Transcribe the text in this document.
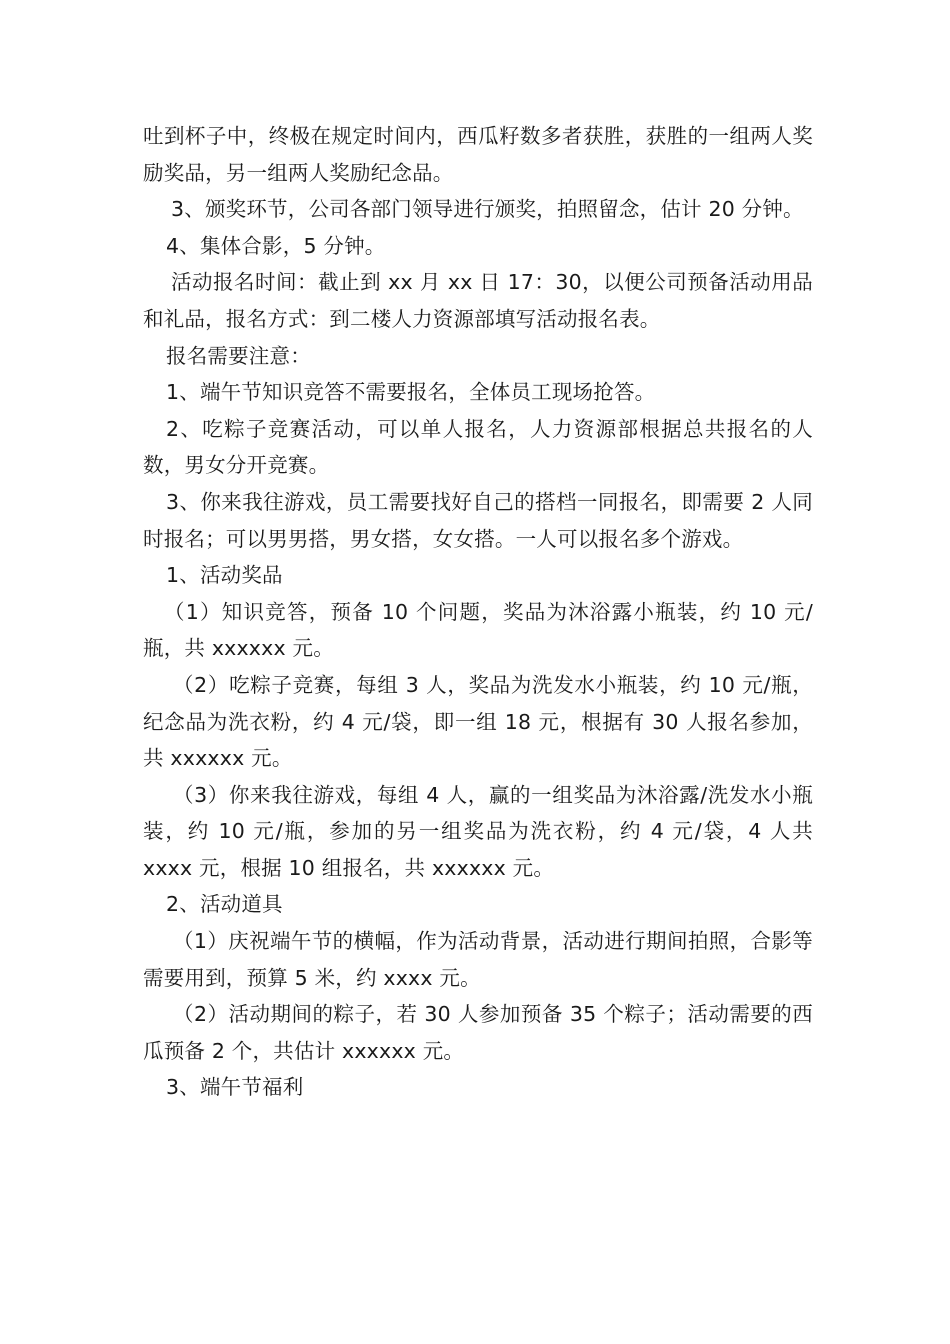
吐到杯子中，终极在规定时间内，西瓜籽数多者获胜，获胜的一组两人奖励奖品，另一组两人奖励纪念品。

3、颁奖环节，公司各部门领导进行颁奖，拍照留念，估计 20 分钟。

4、集体合影，5 分钟。

活动报名时间：截止到 xx 月 xx 日 17：30，以便公司预备活动用品和礼品，报名方式：到二楼人力资源部填写活动报名表。

报名需要注意：

1、端午节知识竞答不需要报名，全体员工现场抢答。

2、吃粽子竞赛活动，可以单人报名，人力资源部根据总共报名的人数，男女分开竞赛。

3、你来我往游戏，员工需要找好自己的搭档一同报名，即需要 2 人同时报名；可以男男搭，男女搭，女女搭。一人可以报名多个游戏。

1、活动奖品

（1）知识竞答，预备 10 个问题，奖品为沐浴露小瓶装，约 10 元/瓶，共 xxxxxx 元。

（2）吃粽子竞赛，每组 3 人，奖品为洗发水小瓶装，约 10 元/瓶，纪念品为洗衣粉，约 4 元/袋，即一组 18 元，根据有 30 人报名参加，共 xxxxxx 元。

（3）你来我往游戏，每组 4 人，赢的一组奖品为沐浴露/洗发水小瓶装，约 10 元/瓶，参加的另一组奖品为洗衣粉，约 4 元/袋，4 人共 xxxx 元，根据 10 组报名，共 xxxxxx 元。

2、活动道具

（1）庆祝端午节的横幅，作为活动背景，活动进行期间拍照，合影等需要用到，预算 5 米，约 xxxx 元。

（2）活动期间的粽子，若 30 人参加预备 35 个粽子；活动需要的西瓜预备 2 个，共估计 xxxxxx 元。

3、端午节福利
